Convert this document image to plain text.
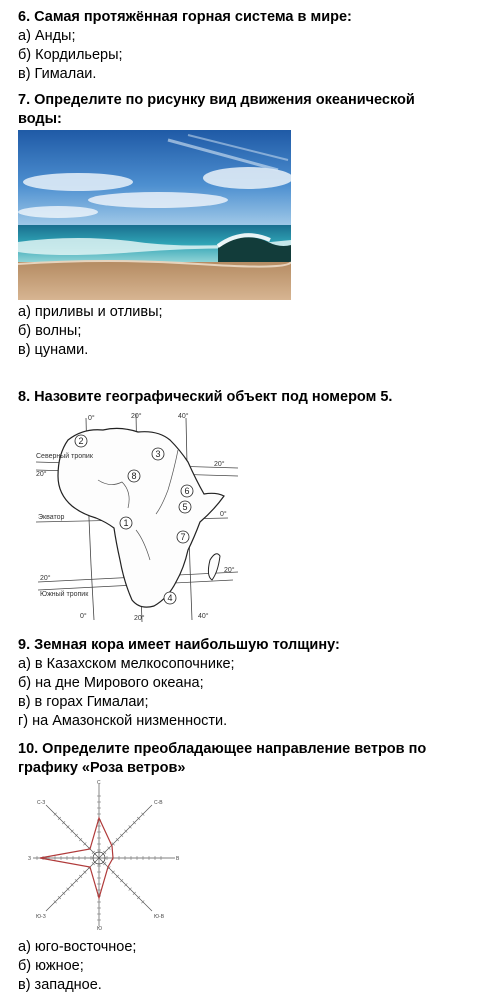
6. Самая протяжённая горная система в мире:
а) Анды;
б) Кордильеры;
в) Гималаи.
7. Определите по рисунку вид движения океанической
воды:
а) приливы и отливы;
б) волны;
в) цунами.
8. Назовите географический объект под номером 5.
0°	20°	40°
Северный тропик
20°
20°
Экватор	0°
20°
Южный тропик
20°
0°	20°	40°
1
2
3
4
5
6
7
8
9. Земная кора имеет наибольшую толщину:
а) в Казахском мелкосопочнике;
б) на дне Мирового океана;
в) в горах Гималаи;
г) на Амазонской низменности.
10. Определите преобладающее направление ветров по
графику «Роза ветров»
С
Ю
З	В
С-З	С-В
Ю-З	Ю-В
а) юго-восточное;
б) южное;
в) западное.
